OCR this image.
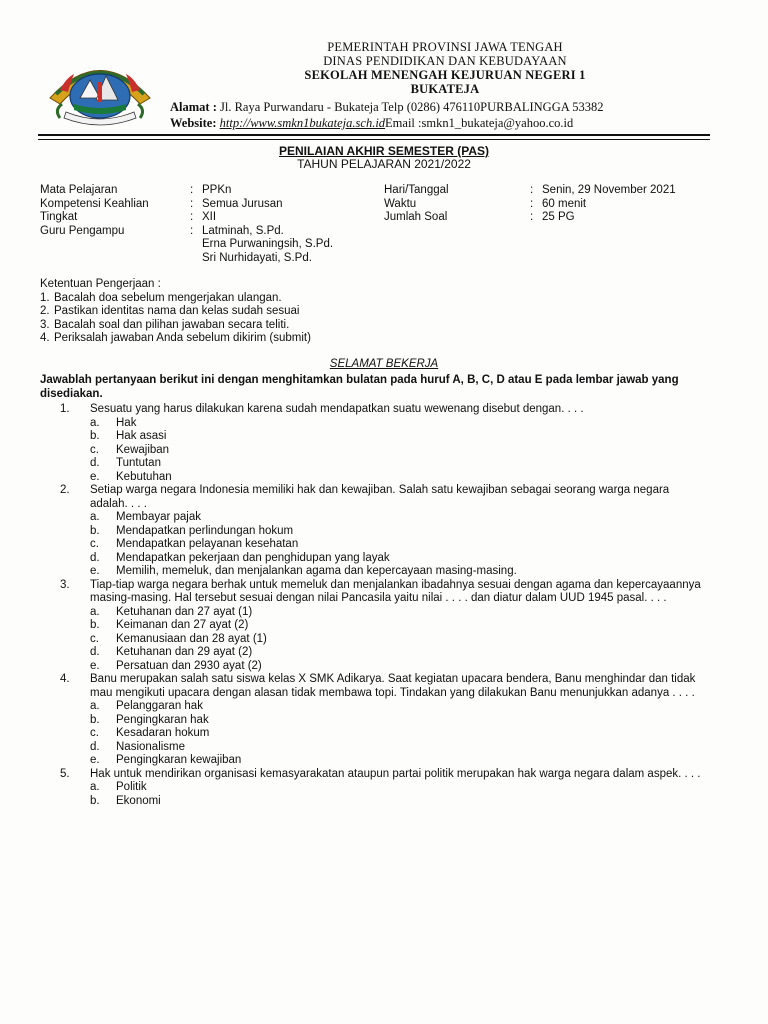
PEMERINTAH PROVINSI JAWA TENGAH
DINAS PENDIDIKAN DAN KEBUDAYAAN
SEKOLAH MENENGAH KEJURUAN NEGERI 1
BUKATEJA
Alamat : Jl. Raya Purwandaru - Bukateja Telp (0286) 476110PURBALINGGA 53382
Website: http://www.smkn1bukateja.sch.idEmail :smkn1_bukateja@yahoo.co.id
PENILAIAN AKHIR SEMESTER (PAS)
TAHUN PELAJARAN 2021/2022
Mata Pelajaran	: PPKn
Kompetensi Keahlian	: Semua Jurusan
Tingkat	: XII
Guru Pengampu	: Latminah, S.Pd.
Erna Purwaningsih, S.Pd.
Sri Nurhidayati, S.Pd.
Hari/Tanggal	: Senin, 29 November 2021
Waktu	: 60 menit
Jumlah Soal	: 25 PG
Ketentuan Pengerjaan :
1. Bacalah doa sebelum mengerjakan ulangan.
2. Pastikan identitas nama dan kelas sudah sesuai
3. Bacalah soal dan pilihan jawaban secara teliti.
4. Periksalah jawaban Anda sebelum dikirim (submit)
SELAMAT BEKERJA
Jawablah pertanyaan berikut ini dengan menghitamkan bulatan pada huruf A, B, C, D atau E pada lembar jawab yang disediakan.
1.	Sesuatu yang harus dilakukan karena sudah mendapatkan suatu wewenang disebut dengan. . . .
a.	Hak
b.	Hak asasi
c.	Kewajiban
d.	Tuntutan
e.	Kebutuhan
2.	Setiap warga negara Indonesia memiliki hak dan kewajiban. Salah satu kewajiban sebagai seorang warga negara adalah. . . .
a.	Membayar pajak
b.	Mendapatkan perlindungan hokum
c.	Mendapatkan pelayanan kesehatan
d.	Mendapatkan pekerjaan dan penghidupan yang layak
e.	Memilih, memeluk, dan menjalankan agama dan kepercayaan masing-masing.
3.	Tiap-tiap warga negara berhak untuk memeluk dan menjalankan ibadahnya sesuai dengan agama dan kepercayaannya masing-masing. Hal tersebut sesuai dengan nilai Pancasila yaitu nilai . . . . dan diatur dalam UUD 1945 pasal. . . .
a.	Ketuhanan dan 27 ayat (1)
b.	Keimanan dan 27 ayat (2)
c.	Kemanusiaan dan 28 ayat (1)
d.	Ketuhanan dan 29 ayat (2)
e.	Persatuan dan 2930 ayat (2)
4.	Banu merupakan salah satu siswa kelas X SMK Adikarya. Saat kegiatan upacara bendera, Banu menghindar dan tidak mau mengikuti upacara dengan alasan tidak membawa topi. Tindakan yang dilakukan Banu menunjukkan adanya . . . .
a.	Pelanggaran hak
b.	Pengingkaran hak
c.	Kesadaran hokum
d.	Nasionalisme
e.	Pengingkaran kewajiban
5.	Hak untuk mendirikan organisasi kemasyarakatan ataupun partai politik merupakan hak warga negara dalam aspek. . . .
a.	Politik
b.	Ekonomi
